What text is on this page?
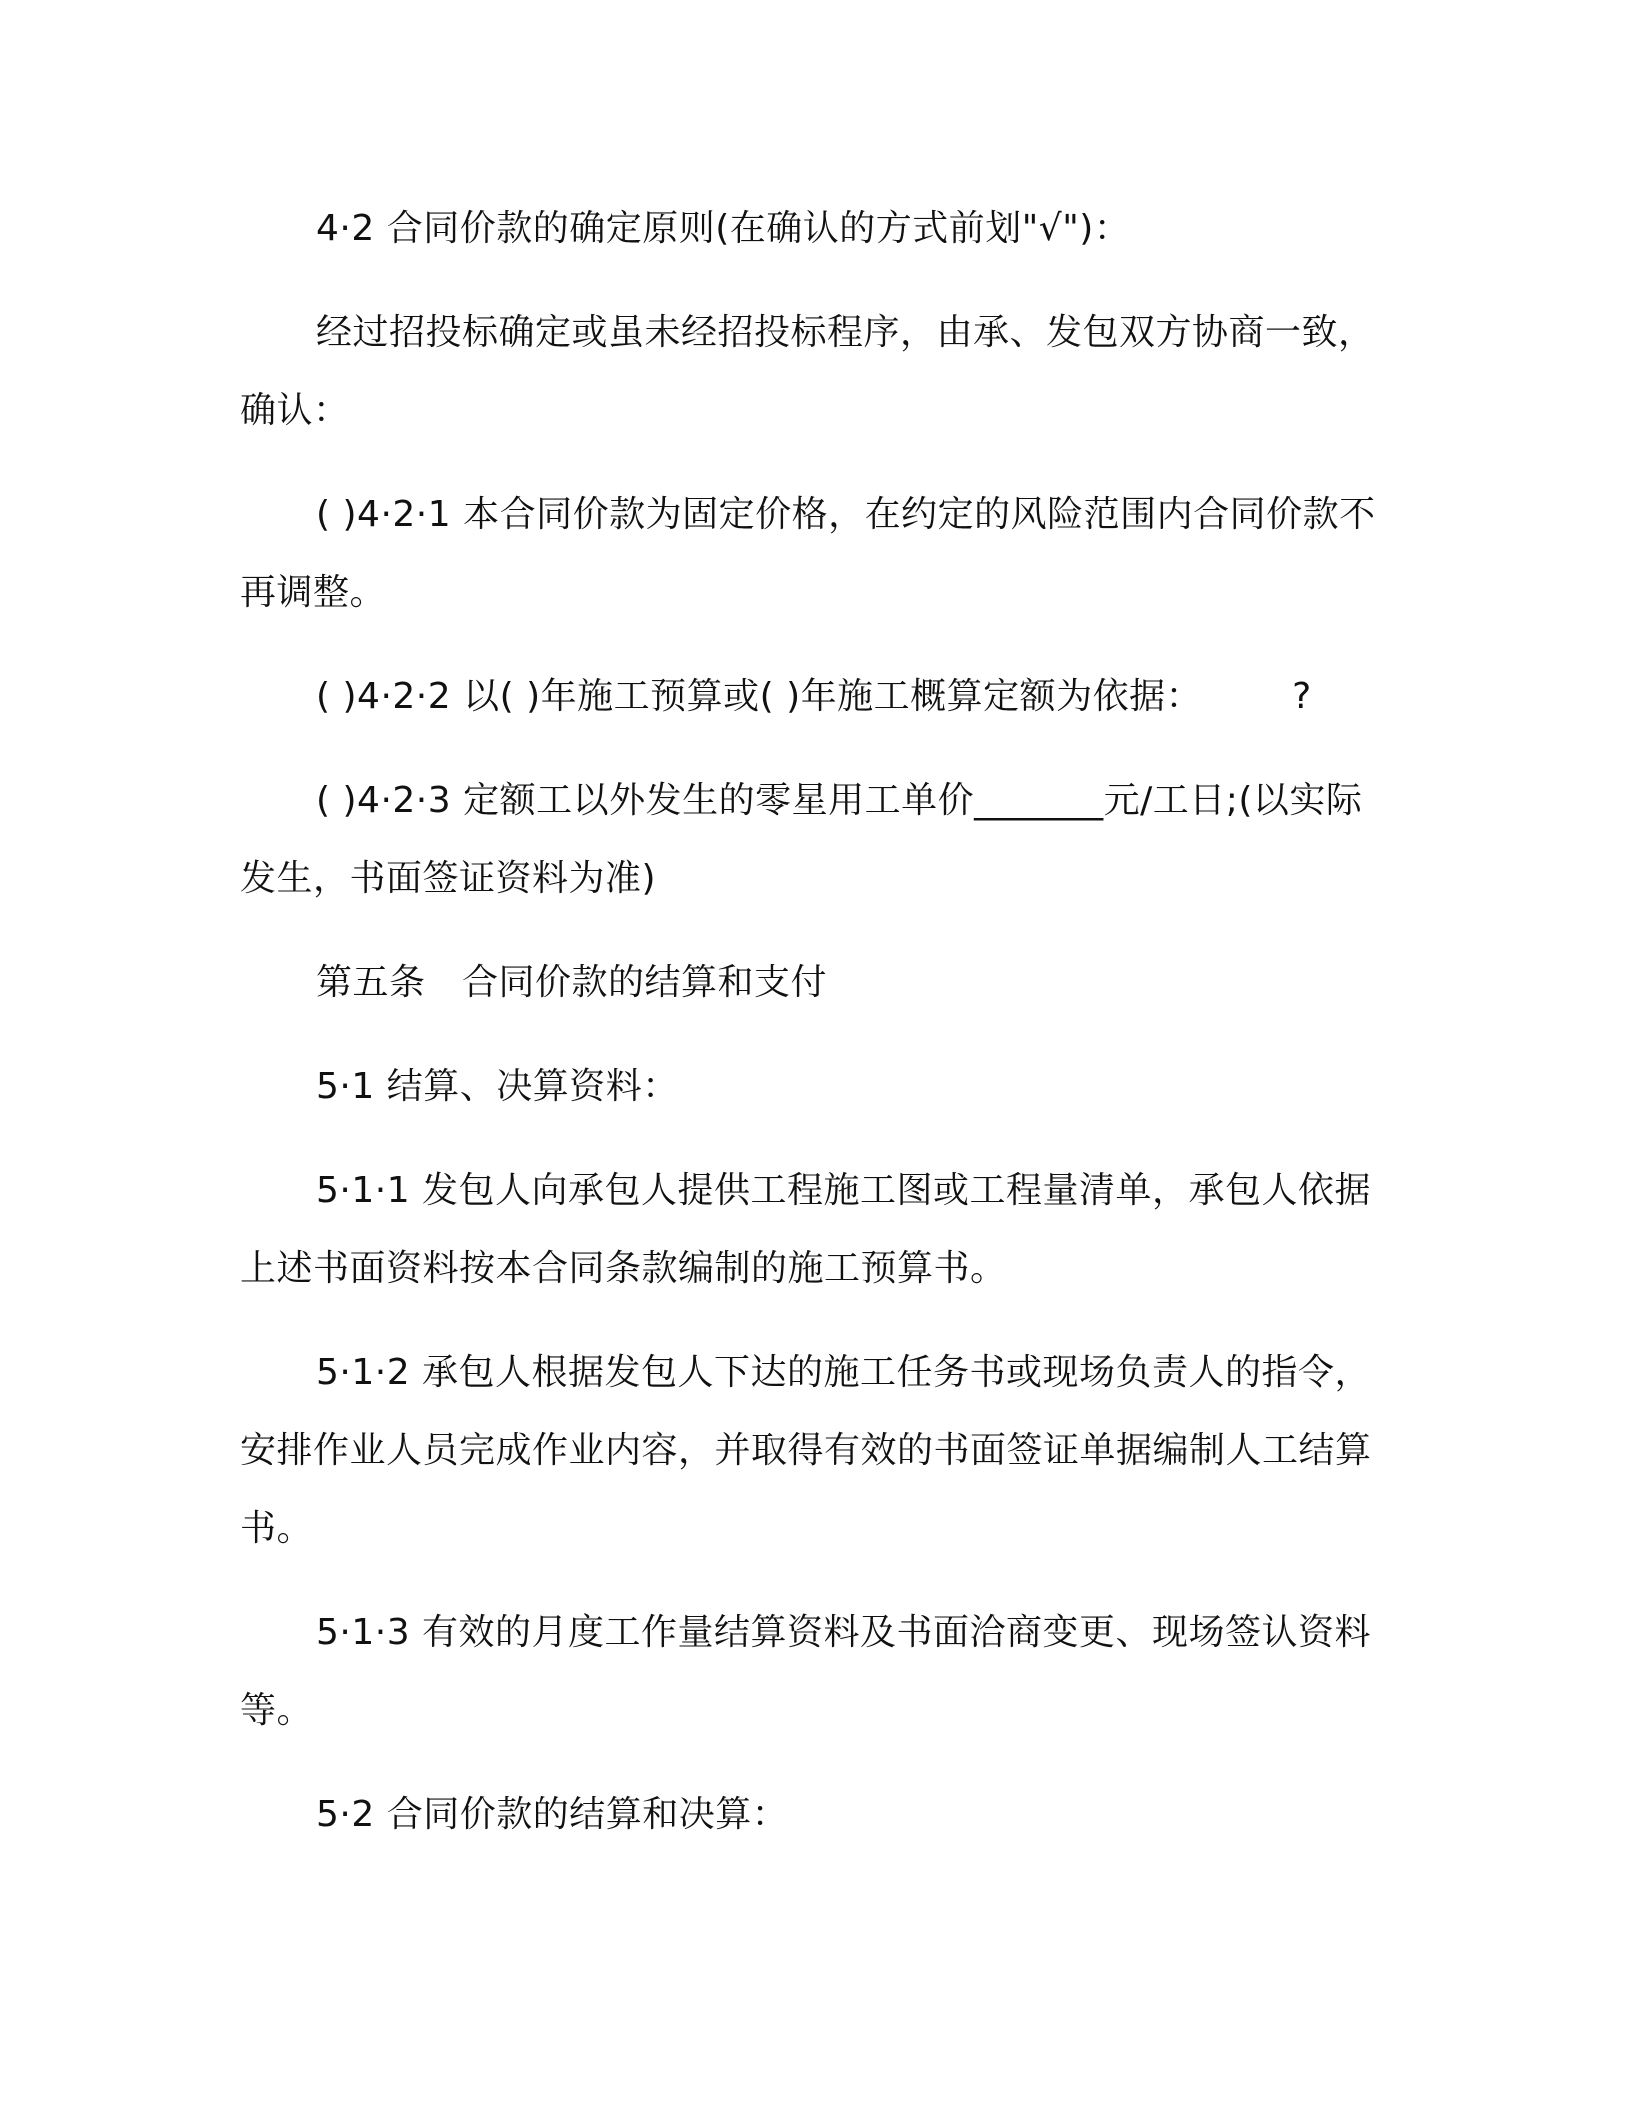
4·2 合同价款的确定原则(在确认的方式前划"√")：

经过招投标确定或虽未经招投标程序，由承、发包双方协商一致，确认：

( )4·2·1 本合同价款为固定价格，在约定的风险范围内合同价款不再调整。

( )4·2·2 以( )年施工预算或( )年施工概算定额为依据：	?

( )4·2·3 定额工以外发生的零星用工单价_______元/工日;(以实际发生，书面签证资料为准)

第五条　合同价款的结算和支付

5·1 结算、决算资料：

5·1·1 发包人向承包人提供工程施工图或工程量清单，承包人依据上述书面资料按本合同条款编制的施工预算书。

5·1·2 承包人根据发包人下达的施工任务书或现场负责人的指令，安排作业人员完成作业内容，并取得有效的书面签证单据编制人工结算书。

5·1·3 有效的月度工作量结算资料及书面洽商变更、现场签认资料等。

5·2 合同价款的结算和决算：
